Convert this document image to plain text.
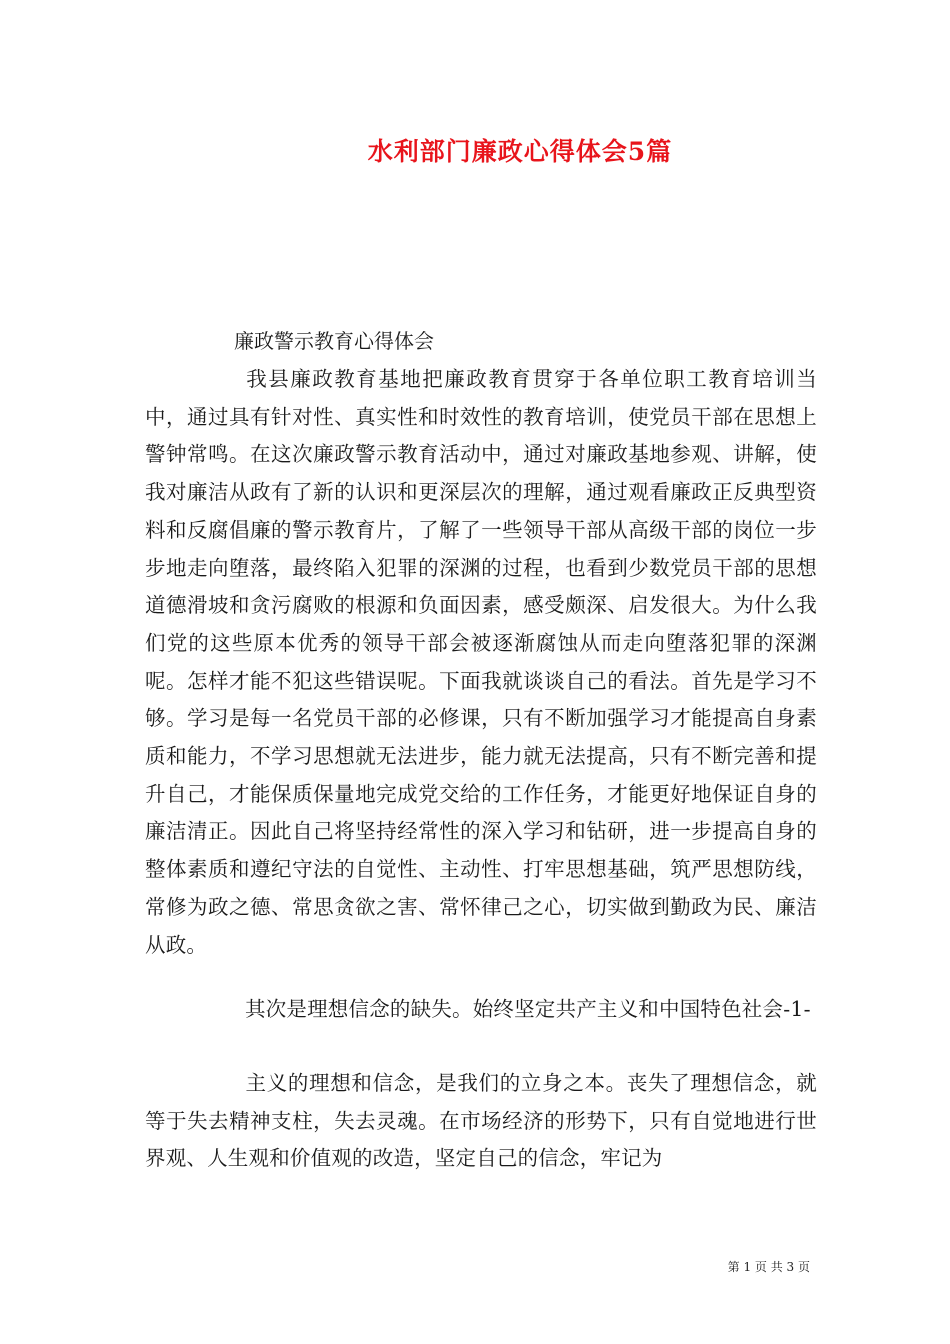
水利部门廉政心得体会5篇
廉政警示教育心得体会

我县廉政教育基地把廉政教育贯穿于各单位职工教育培训当中，通过具有针对性、真实性和时效性的教育培训，使党员干部在思想上警钟常鸣。在这次廉政警示教育活动中，通过对廉政基地参观、讲解，使我对廉洁从政有了新的认识和更深层次的理解，通过观看廉政正反典型资料和反腐倡廉的警示教育片，了解了一些领导干部从高级干部的岗位一步步地走向堕落，最终陷入犯罪的深渊的过程，也看到少数党员干部的思想道德滑坡和贪污腐败的根源和负面因素，感受颇深、启发很大。为什么我们党的这些原本优秀的领导干部会被逐渐腐蚀从而走向堕落犯罪的深渊呢。怎样才能不犯这些错误呢。下面我就谈谈自己的看法。首先是学习不够。学习是每一名党员干部的必修课，只有不断加强学习才能提高自身素质和能力，不学习思想就无法进步，能力就无法提高，只有不断完善和提升自己，才能保质保量地完成党交给的工作任务，才能更好地保证自身的廉洁清正。因此自己将坚持经常性的深入学习和钻研，进一步提高自身的整体素质和遵纪守法的自觉性、主动性、打牢思想基础，筑严思想防线，常修为政之德、常思贪欲之害、常怀律己之心，切实做到勤政为民、廉洁从政。

其次是理想信念的缺失。始终坚定共产主义和中国特色社会-1-

主义的理想和信念，是我们的立身之本。丧失了理想信念，就等于失去精神支柱，失去灵魂。在市场经济的形势下，只有自觉地进行世界观、人生观和价值观的改造，坚定自己的信念，牢记为

第 1 页 共 3 页
